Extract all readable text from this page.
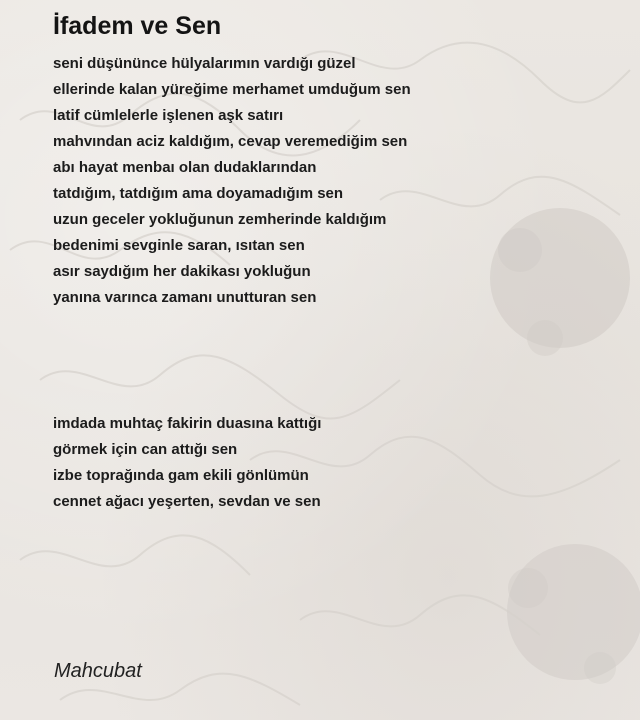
İfadem ve Sen
seni düşününce hülyalarımın vardığı güzel
ellerinde kalan yüreğime merhamet umduğum sen
latif cümlelerle işlenen aşk satırı
mahvından aciz kaldığım, cevap veremediğim sen
abı hayat menbaı olan dudaklarından
tatdığım, tatdığım ama doyamadığım sen
uzun geceler yokluğunun zemherinde kaldığım
bedenimi sevginle saran, ısıtan sen
asır saydığım her dakikası yokluğun
yanına varınca zamanı unutturan sen
imdada muhtaç fakirin duasına kattığı
görmek için can attığı sen
izbe toprağında gam ekili gönlümün
cennet ağacı yeşerten, sevdan ve sen
Mahcubat
